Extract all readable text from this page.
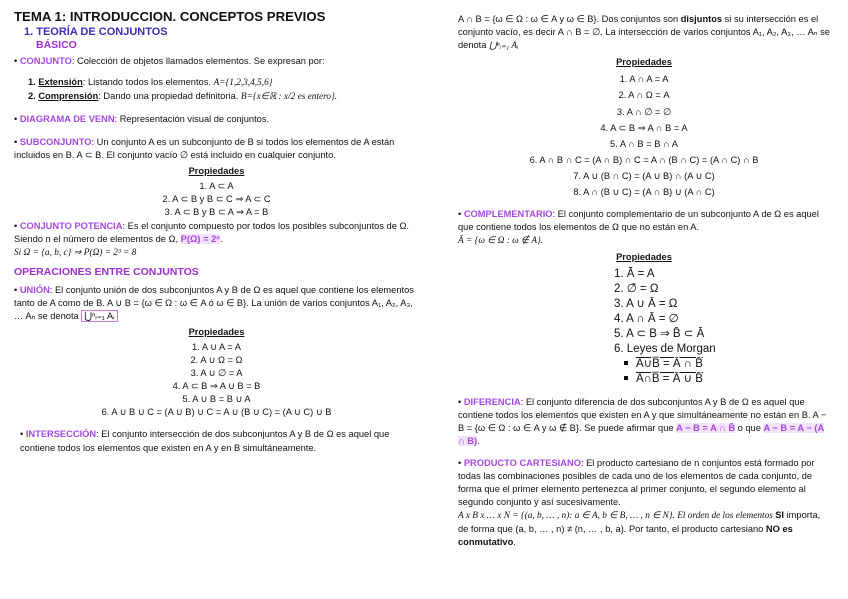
TEMA 1: INTRODUCCION. CONCEPTOS PREVIOS

1. TEORÍA DE CONJUNTOS

BÁSICO

• CONJUNTO: Colección de objetos llamados elementos. Se expresan por:

1. Extensión: Listando todos los elementos. A={1,2,3,4,5,6}

2. Comprensión: Dando una propiedad definitoria. B={x∈ℝ : x/2 es entero}.

• DIAGRAMA DE VENN: Representación visual de conjuntos.

• SUBCONJUNTO: Un conjunto A es un subconjunto de B si todos los elementos de A están incluidos en B. A ⊂ B. El conjunto vacío ∅ está incluido en cualquier conjunto.

Propiedades

1. A ⊂ A

2. A ⊂ B y B ⊂ C ⇒ A ⊂ C

3. A ⊂ B y B ⊂ A ⇒ A = B

• CONJUNTO POTENCIA: Es el conjunto compuesto por todos los posibles subconjuntos de Ω. Siendo n el número de elementos de Ω, P(Ω) = 2ⁿ.

Si Ω = {a, b, c} ⇒ P(Ω) = 2³ = 8

OPERACIONES ENTRE CONJUNTOS

• UNIÓN: El conjunto unión de dos subconjuntos A y B de Ω es aquel que contiene los elementos tanto de A como de B. A ∪ B = {ω ∈ Ω : ω ∈ A ó ω ∈ B}. La unión de varios conjuntos A₁, A₂, A₃, … Aₙ se denota ⋃ⁿᵢ₌₁ Aᵢ

Propiedades

1. A ∪ A = A

2. A ∪ Ω = Ω

3. A ∪ ∅ = A

4. A ⊂ B ⇒ A ∪ B = B

5. A ∪ B = B ∪ A

6. A ∪ B ∪ C = (A ∪ B) ∪ C = A ∪ (B ∪ C) = (A ∪ C) ∪ B

• INTERSECCIÓN: El conjunto intersección de dos subconjuntos A y B de Ω es aquel que contiene todos los elementos que existen en A y en B simultáneamente.

A ∩ B = {ω ∈ Ω : ω ∈ A y ω ∈ B}. Dos conjuntos son disjuntos si su intersección es el conjunto vacío, es decir A ∩ B = ∅. La intersección de varios conjuntos A₁, A₂, A₃, … Aₙ se denota ⋃ⁿᵢ₌₁ Aᵢ

Propiedades

1. A ∩ A = A

2. A ∩ Ω = A

3. A ∩ ∅ = ∅

4. A ⊂ B ⇒ A ∩ B = A

5. A ∩ B = B ∩ A

6. A ∩ B ∩ C = (A ∩ B) ∩ C = A ∩ (B ∩ C) = (A ∩ C) ∩ B

7. A ∪ (B ∩ C) = (A ∪ B) ∩ (A ∪ C)

8. A ∩ (B ∪ C) = (A ∩ B) ∪ (A ∩ C)

• COMPLEMENTARIO: El conjunto complementario de un subconjunto A de Ω es aquel que contiene todos los elementos de Ω que no están en A.

Ā = {ω ∈ Ω : ω ∉ A}.

Propiedades

1. Ā̄ = A

2. ∅̄ = Ω

3. A ∪ Ā = Ω

4. A ∩ Ā = ∅

5. A ⊂ B ⇒ B̄ ⊂ Ā

6. Leyes de Morgan

A∪B̅ = Ā ∩ B̄

A∩B̅ = Ā ∪ B̄

• DIFERENCIA: El conjunto diferencia de dos subconjuntos A y B de Ω es aquel que contiene todos los elementos que existen en A y que simultáneamente no están en B. A − B = {ω ∈ Ω : ω ∈ A y ω ∉ B}. Se puede afirmar que A − B = A ∩ B̄ o que A − B = A − (A ∩ B).

• PRODUCTO CARTESIANO: El producto cartesiano de n conjuntos está formado por todas las combinaciones posibles de cada uno de los elementos de cada conjunto, de forma que el primer elemento pertenezca al primer conjunto, el segundo elemento al segundo conjunto y así sucesivamente.

A x B x … x N = {(a, b, … , n): a ∈ A, b ∈ B, … , n ∈ N}. El orden de los elementos SI importa, de forma que (a, b, … , n) ≠ (n, … , b, a). Por tanto, el producto cartesiano NO es conmutativo.
